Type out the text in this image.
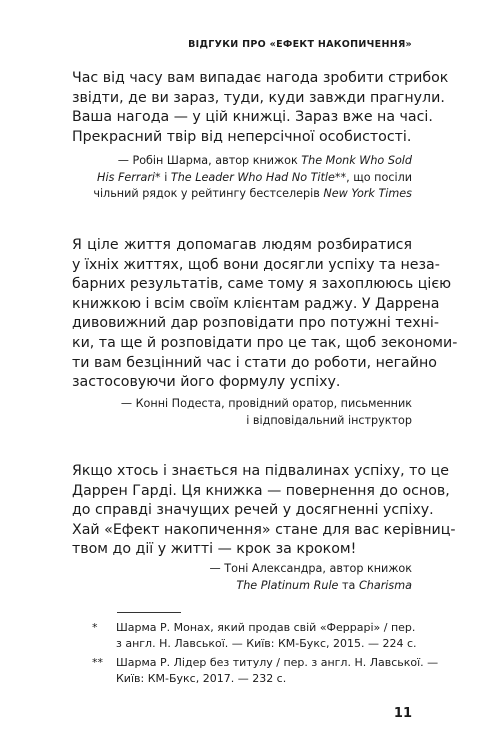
ВІДГУКИ ПРО «ЕФЕКТ НАКОПИЧЕННЯ»
Час від часу вам випадає нагода зробити стрибок
звідти, де ви зараз, туди, куди завжди прагнули.
Ваша нагода — у цій книжці. Зараз вже на часі.
Прекрасний твір від неперсічної особистості.
— Робін Шарма, автор книжок The Monk Who Sold
His Ferrari* і The Leader Who Had No Title**, що посіли
чільний рядок у рейтингу бестселерів New York Times
Я ціле життя допомагав людям розбиратися
у їхніх життях, щоб вони досягли успіху та неза-
барних результатів, саме тому я захоплююсь цією
книжкою і всім своїм клієнтам раджу. У Даррена
дивовижний дар розповідати про потужні техні-
ки, та ще й розповідати про це так, щоб зекономи-
ти вам безцінний час і стати до роботи, негайно
застосовуючи його формулу успіху.
— Конні Подеста, провідний оратор, письменник
і відповідальний інструктор
Якщо хтось і знається на підвалинах успіху, то це
Даррен Гарді. Ця книжка — повернення до основ,
до справді значущих речей у досягненні успіху.
Хай «Ефект накопичення» стане для вас керівниц-
твом до дії у житті — крок за кроком!
— Тоні Александра, автор книжок
The Platinum Rule та Charisma
*	Шарма Р. Монах, який продав свій «Феррарі» / пер.
з англ. Н. Лавської. — Київ: КМ-Букс, 2015. — 224 с.
**	Шарма Р. Лідер без титулу / пер. з англ. Н. Лавської. —
Київ: КМ-Букс, 2017. — 232 с.
11
